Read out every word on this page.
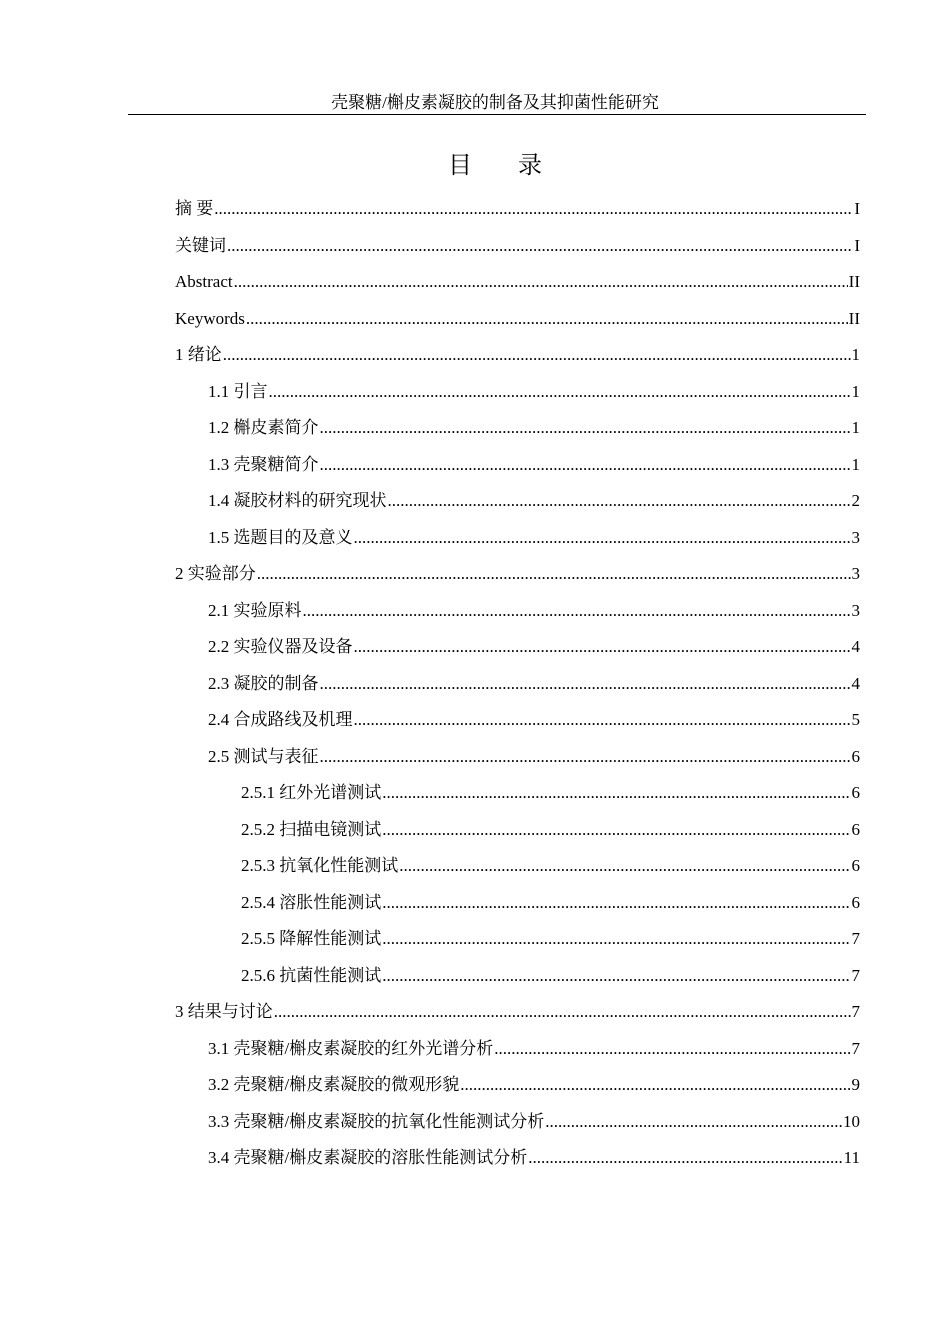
壳聚糖/槲皮素凝胶的制备及其抑菌性能研究
目录
摘 要 .....	I
关键词 .....	I
Abstract .....	II
Keywords .....	II
1 绪论 .....	1
1.1 引言 .....	1
1.2 槲皮素简介 .....	1
1.3 壳聚糖简介 .....	1
1.4 凝胶材料的研究现状 .....	2
1.5 选题目的及意义 .....	3
2 实验部分 .....	3
2.1 实验原料 .....	3
2.2 实验仪器及设备 .....	4
2.3 凝胶的制备 .....	4
2.4 合成路线及机理 .....	5
2.5 测试与表征 .....	6
2.5.1 红外光谱测试 .....	6
2.5.2 扫描电镜测试 .....	6
2.5.3 抗氧化性能测试 .....	6
2.5.4 溶胀性能测试 .....	6
2.5.5 降解性能测试 .....	7
2.5.6 抗菌性能测试 .....	7
3 结果与讨论 .....	7
3.1 壳聚糖/槲皮素凝胶的红外光谱分析 .....	7
3.2 壳聚糖/槲皮素凝胶的微观形貌 .....	9
3.3 壳聚糖/槲皮素凝胶的抗氧化性能测试分析 .....	10
3.4 壳聚糖/槲皮素凝胶的溶胀性能测试分析 .....	11
